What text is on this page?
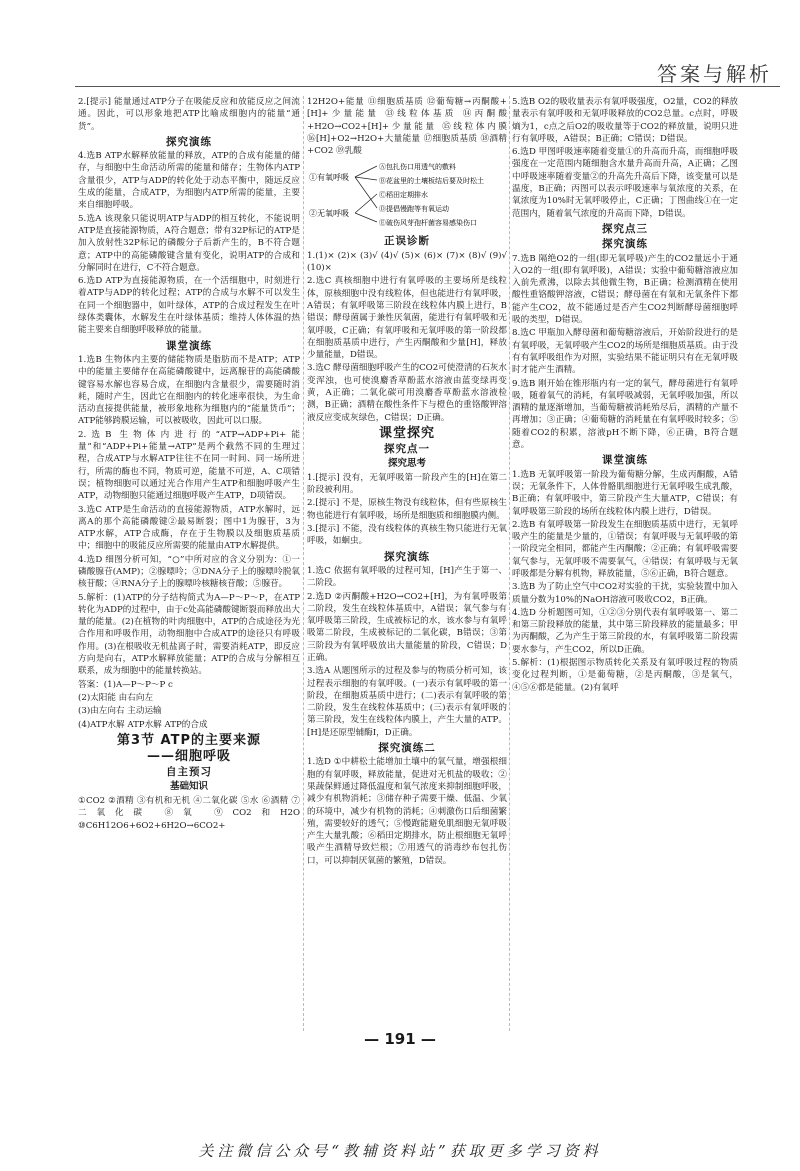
答案与解析

2.[提示] 能量通过ATP分子在吸能反应和放能反应之间流通。因此，可以形象地把ATP比喻成细胞内的能量“通货”。

探究演练

4.选B ATP水解释放能量的释放，ATP的合成有能量的储存，与细胞中生命活动所需的能量和储存；生物体内ATP含量很少，ATP与ADP的转化处于动态平衡中，随远反应生成的能量，合成ATP，为细胞内ATP所需的能量，主要来自细胞呼吸。

5.选A 该现象只能说明ATP与ADP的相互转化，不能说明ATP是直接能源物质，A符合题意；带有32P标记的ATP是加入放射性32P标记的磷酸分子后新产生的，B不符合题意；ATP中的高能磷酸键含量有变化，说明ATP的合成和分解同时在进行，C不符合题意。

6.选D ATP为直接能源物质，在一个活细胞中，时刻进行着ATP与ADP的转化过程；ATP的合成与水解不可以发生在同一个细胞器中，如叶绿体，ATP的合成过程发生在叶绿体类囊体，水解发生在叶绿体基质；维持人体体温的热能主要来自细胞呼吸释放的能量。

课堂演练

1.选B 生物体内主要的储能物质是脂肪而不是ATP；ATP中的能量主要储存在高能磷酸键中，远离腺苷的高能磷酸键容易水解也容易合成，在细胞内含量很少，需要随时消耗，随时产生，因此它在细胞内的转化速率很快，为生命活动直接提供能量，被形象地称为细胞内的“能量货币”；ATP能够跨膜运输，可以被吸收，因此可以口服。

2.选B 生物体内进行的“ATP→ADP+Pi+能量”和“ADP+Pi+能量→ATP”是两个截然不同的生理过程，合成ATP与水解ATP往往不在同一时间、同一场所进行，所需的酶也不同，物质可逆，能量不可逆，A、C项错误；植物细胞可以通过光合作用产生ATP和细胞呼吸产生ATP，动物细胞只能通过细胞呼吸产生ATP，D项错误。

3.选C ATP是生命活动的直接能源物质，ATP水解时，远离A的那个高能磷酸键②最易断裂；图中1为腺苷，3为ATP水解，ATP合成酶，存在于生物膜以及细胞质基质中；细胞中的吸能反应所需要的能量由ATP水解提供。

4.选D 细图分析可知，“○”中所对应的含义分别为：①一磷酸腺苷(AMP)；②腺嘌呤；③DNA分子上的腺嘌呤脱氧核苷酸；④RNA分子上的腺嘌呤核糖核苷酸；⑤腺苷。

5.解析：(1)ATP的分子结构简式为A—P～P～P，在ATP转化为ADP的过程中，由于c处高能磷酸键断裂而释放出大量的能量。(2)在植物的叶肉细胞中，ATP的合成途径为光合作用和呼吸作用，动物细胞中合成ATP的途径只有呼吸作用。(3)在根吸收无机盐离子时，需要消耗ATP，即反应方向是向右，ATP水解释放能量；ATP的合成与分解相互联系，成为细胞中的能量转换站。

答案：(1)A—P～P～P c

(2)太阳能 由右向左

(3)由左向右 主动运输

(4)ATP水解 ATP水解 ATP的合成

第3节 ATP的主要来源
——细胞呼吸
自主预习
基础知识

①CO2 ②酒精 ③有机和无机 ④二氧化碳 ⑤水 ⑥酒精 ⑦二氧化碳 ⑧氧 ⑨CO2和H2O ⑩C6H12O6+6O2+6H2O→6CO2+

12H2O+能量 ⑪细胞质基质 ⑫葡萄糖→丙酮酸+[H]+少量能量 ⑬线粒体基质 ⑭丙酮酸+H2O→CO2+[H]+少量能量 ⑮线粒体内膜 ⑯[H]+O2→H2O+大量能量 ⑰细胞质基质 ⑱酒精+CO2 ⑲乳酸

①有氧呼吸
②无氧呼吸
Ⓐ包扎伤口用透气的敷料
Ⓑ花盆里的土壤板结后要及时松土
Ⓒ稻田定期排水
Ⓓ提倡慢跑等有氧运动
Ⓔ破伤风芽孢杆菌容易感染伤口
正误诊断

1.(1)× (2)× (3)√ (4)√ (5)× (6)× (7)× (8)√ (9)√ (10)×

2.选C 真核细胞中进行有氧呼吸的主要场所是线粒体，原核细胞中没有线粒体，但也能进行有氧呼吸，A错误；有氧呼吸第三阶段在线粒体内膜上进行，B错误；酵母菌属于兼性厌氧菌，能进行有氧呼吸和无氧呼吸，C正确；有氧呼吸和无氧呼吸的第一阶段都在细胞质基质中进行，产生丙酮酸和少量[H]，释放少量能量，D错误。

3.选C 酵母菌细胞呼吸产生的CO2可使澄清的石灰水变浑浊，也可使溴麝香草酚蓝水溶液由蓝变绿再变黄，A正确；二氧化碳可用溴麝香草酚蓝水溶液检测，B正确；酒精在酸性条件下与橙色的重铬酸钾溶液反应变成灰绿色，C错误；D正确。

课堂探究
探究点一
探究思考

1.[提示] 没有，无氧呼吸第一阶段产生的[H]在第二阶段被利用。

2.[提示] 不是，原核生物没有线粒体，但有些原核生物也能进行有氧呼吸，场所是细胞质和细胞膜内侧。

3.[提示] 不能，没有线粒体的真核生物只能进行无氧呼吸，如蛔虫。

探究演练

1.选C 依据有氧呼吸的过程可知，[H]产生于第一、二阶段。

2.选D ②丙酮酸+H2O→CO2+[H]，为有氧呼吸第二阶段，发生在线粒体基质中，A错误；氧气参与有氧呼吸第三阶段，生成被标记的水，该水参与有氧呼吸第二阶段，生成被标记的二氧化碳，B错误；③第三阶段为有氧呼吸放出大量能量的阶段，C错误；D正确。

3.选A 从题图所示的过程及参与的物质分析可知，该过程表示细胞的有氧呼吸。(一)表示有氧呼吸的第一阶段，在细胞质基质中进行；(二)表示有氧呼吸的第二阶段，发生在线粒体基质中；(三)表示有氧呼吸的第三阶段，发生在线粒体内膜上，产生大量的ATP。[H]是还原型辅酶Ⅰ，D正确。

探究演练二

1.选D ①中耕松土能增加土壤中的氧气量，增强根细胞的有氧呼吸，释放能量，促进对无机盐的吸收；②果蔬保鲜通过降低温度和氧气浓度来抑制细胞呼吸，减少有机物消耗；③储存种子需要干燥、低温、少氧的环境中，减少有机物的消耗；④刺激伤口后细菌繁殖，需要较好的透气；⑤慢跑能避免肌细胞无氧呼吸产生大量乳酸；⑥稻田定期排水，防止根细胞无氧呼吸产生酒精导致烂根；⑦用透气的消毒纱布包扎伤口，可以抑制厌氧菌的繁殖，D错误。

5.选B O2的吸收量表示有氧呼吸强度，O2量，CO2的释放量表示有氧呼吸和无氧呼吸释放的CO2总量。c点时，呼吸熵为1，c点之后O2的吸收量等于CO2的释放量，说明只进行有氧呼吸，A错误；B正确；C错误；D错误。

6.选D 甲图呼吸速率随着变量①的升高而升高，而细胞呼吸强度在一定范围内随细胞含水量升高而升高，A正确；乙图中呼吸速率随着变量②的升高先升高后下降，该变量可以是温度，B正确；丙图可以表示呼吸速率与氧浓度的关系，在氧浓度为10%时无氧呼吸停止，C正确；丁图曲线①在一定范围内，随着氧气浓度的升高而下降，D错误。

探究点三
探究演练

7.选B 隔绝O2的一组(即无氧呼吸)产生的CO2量远小于通入O2的一组(即有氧呼吸)，A错误；实验中葡萄糖溶液应加入前先煮沸，以除去其他微生物，B正确；检测酒精在使用酸性重铬酸钾溶液，C错误；酵母菌在有氧和无氧条件下都能产生CO2，故不能通过是否产生CO2判断酵母菌细胞呼吸的类型，D错误。

8.选C 甲瓶加入酵母菌和葡萄糖溶液后，开始阶段进行的是有氧呼吸，无氧呼吸产生CO2的场所是细胞质基质。由于没有有氧呼吸组作为对照，实验结果不能证明只有在无氧呼吸时才能产生酒精。

9.选B 刚开始在锥形瓶内有一定的氧气，酵母菌进行有氧呼吸，随着氧气的消耗，有氧呼吸减弱，无氧呼吸加强，所以酒精的量逐渐增加，当葡萄糖被消耗殆尽后，酒精的产量不再增加；③正确；④葡萄糖的消耗量在有氧呼吸时较多；⑤随着CO2的积累，溶液pH不断下降，⑥正确，B符合题意。

课堂演练

1.选B 无氧呼吸第一阶段为葡萄糖分解，生成丙酮酸，A错误；无氧条件下，人体骨骼肌细胞进行无氧呼吸生成乳酸，B正确；有氧呼吸中，第三阶段产生大量ATP，C错误；有氧呼吸第三阶段的场所在线粒体内膜上进行，D错误。

2.选B 有氧呼吸第一阶段发生在细胞质基质中进行，无氧呼吸产生的能量是少量的，①错误；有氧呼吸与无氧呼吸的第一阶段完全相同，都能产生丙酮酸；②正确；有氧呼吸需要氧气参与，无氧呼吸不需要氧气，④错误；有氧呼吸与无氧呼吸都是分解有机物，释放能量，⑤⑥正确，B符合题意。

3.选B 为了防止空气中CO2对实验的干扰，实验装置中加入质量分数为10%的NaOH溶液可吸收CO2，B正确。

4.选D 分析题图可知，①②③分别代表有氧呼吸第一、第二和第三阶段释放的能量，其中第三阶段释放的能量最多；甲为丙酮酸，乙为产生于第三阶段的水，有氧呼吸第二阶段需要水参与，产生CO2，所以D正确。

5.解析：(1)根据图示物质转化关系及有氧呼吸过程的物质变化过程判断，①是葡萄糖，②是丙酮酸，③是氧气，④⑤⑥都是能量。(2)有氧呼

— 191 —
关注微信公众号“教辅资料站”获取更多学习资料
